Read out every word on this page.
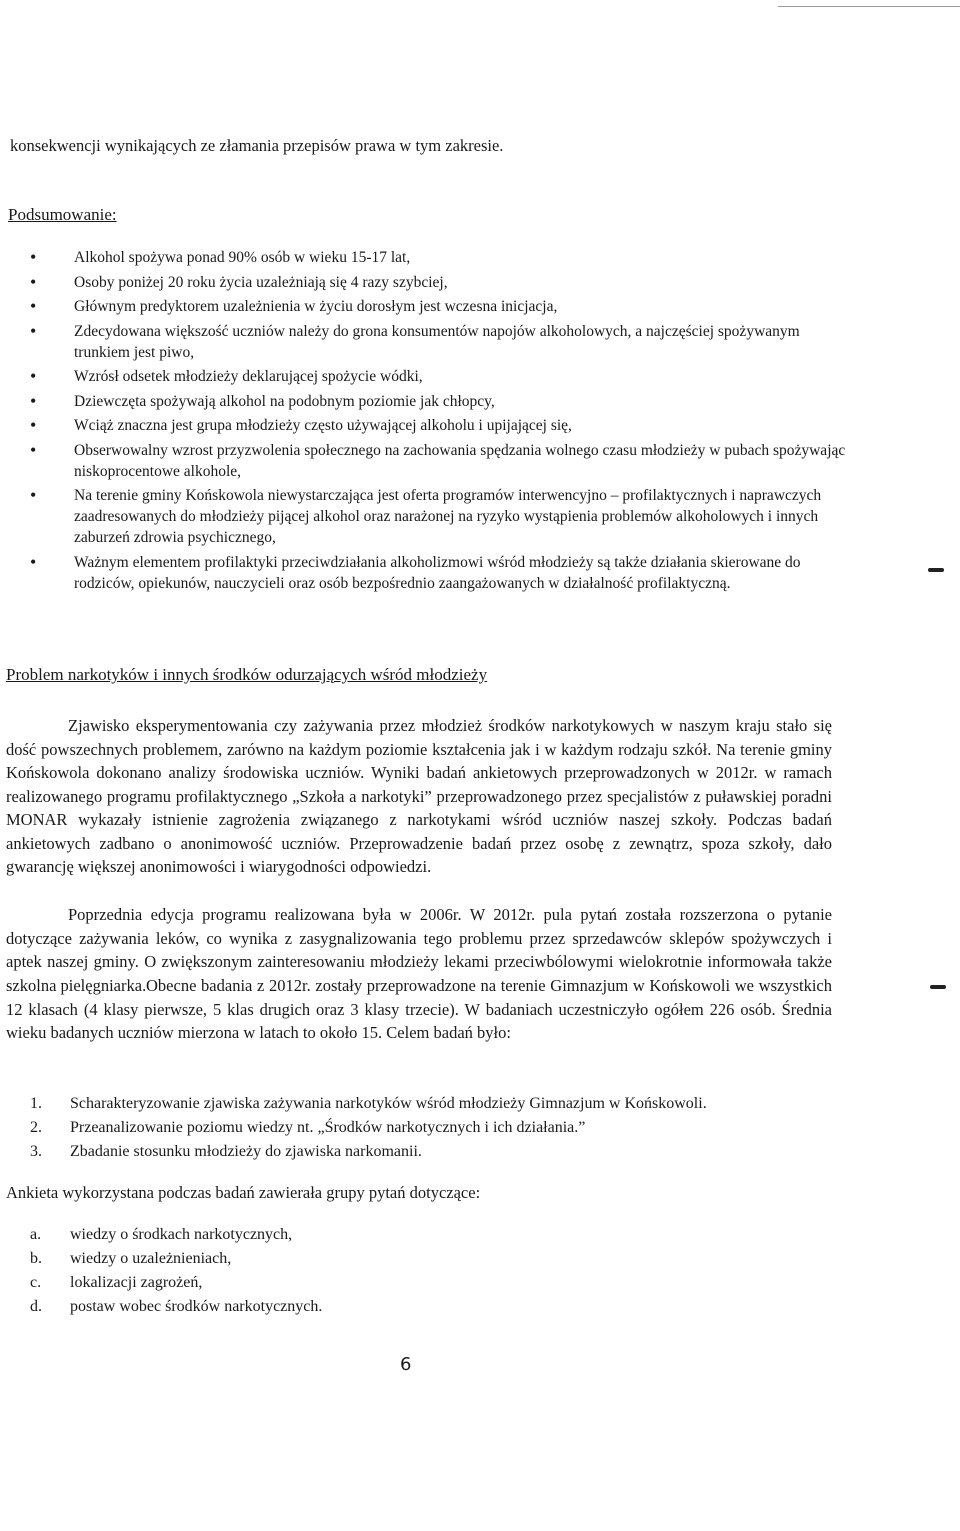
konsekwencji wynikających ze złamania przepisów prawa w tym zakresie.

Podsumowanie:
• Alkohol spożywa ponad 90% osób w wieku 15-17 lat,
• Osoby poniżej 20 roku życia uzależniają się 4 razy szybciej,
• Głównym predyktorem uzależnienia w życiu dorosłym jest wczesna inicjacja,
• Zdecydowana większość uczniów należy do grona konsumentów napojów alkoholowych, a najczęściej spożywanym trunkiem jest piwo,
• Wzrósł odsetek młodzieży deklarującej spożycie wódki,
• Dziewczęta spożywają alkohol na podobnym poziomie jak chłopcy,
• Wciąż znaczna jest grupa młodzieży często używającej alkoholu i upijającej się,
• Obserwowalny wzrost przyzwolenia społecznego na zachowania spędzania wolnego czasu młodzieży w pubach spożywając niskoprocentowe alkohole,
• Na terenie gminy Końskowola niewystarczająca jest oferta programów interwencyjno – profilaktycznych i naprawczych zaadresowanych do młodzieży pijącej alkohol oraz narażonej na ryzyko wystąpienia problemów alkoholowych i innych zaburzeń zdrowia psychicznego,
• Ważnym elementem profilaktyki przeciwdziałania alkoholizmowi wśród młodzieży są także działania skierowane do rodziców, opiekunów, nauczycieli oraz osób bezpośrednio zaangażowanych w działalność profilaktyczną.
Problem narkotyków i innych środków odurzających wśród młodzieży

Zjawisko eksperymentowania czy zażywania przez młodzież środków narkotykowych w naszym kraju stało się dość powszechnych problemem, zarówno na każdym poziomie kształcenia jak i w każdym rodzaju szkół. Na terenie gminy Końskowola dokonano analizy środowiska uczniów. Wyniki badań ankietowych przeprowadzonych w 2012r. w ramach realizowanego programu profilaktycznego „Szkoła a narkotyki” przeprowadzonego przez specjalistów z puławskiej poradni MONAR wykazały istnienie zagrożenia związanego z narkotykami wśród uczniów naszej szkoły. Podczas badań ankietowych zadbano o anonimowość uczniów. Przeprowadzenie badań przez osobę z zewnątrz, spoza szkoły, dało gwarancję większej anonimowości i wiarygodności odpowiedzi.

Poprzednia edycja programu realizowana była w 2006r. W 2012r. pula pytań została rozszerzona o pytanie dotyczące zażywania leków, co wynika z zasygnalizowania tego problemu przez sprzedawców sklepów spożywczych i aptek naszej gminy. O zwiększonym zainteresowaniu młodzieży lekami przeciwbólowymi wielokrotnie informowała także szkolna pielęgniarka. Obecne badania z 2012r. zostały przeprowadzone na terenie Gimnazjum w Końskowoli we wszystkich 12 klasach (4 klasy pierwsze, 5 klas drugich oraz 3 klasy trzecie). W badaniach uczestniczyło ogółem 226 osób. Średnia wieku badanych uczniów mierzona w latach to około 15. Celem badań było:

1. Scharakteryzowanie zjawiska zażywania narkotyków wśród młodzieży Gimnazjum w Końskowoli.
2. Przeanalizowanie poziomu wiedzy nt. „Środków narkotycznych i ich działania.”
3. Zbadanie stosunku młodzieży do zjawiska narkomanii.

Ankieta wykorzystana podczas badań zawierała grupy pytań dotyczące:

a. wiedzy o środkach narkotycznych,
b. wiedzy o uzależnieniach,
c. lokalizacji zagrożeń,
d. postaw wobec środków narkotycznych.

6
